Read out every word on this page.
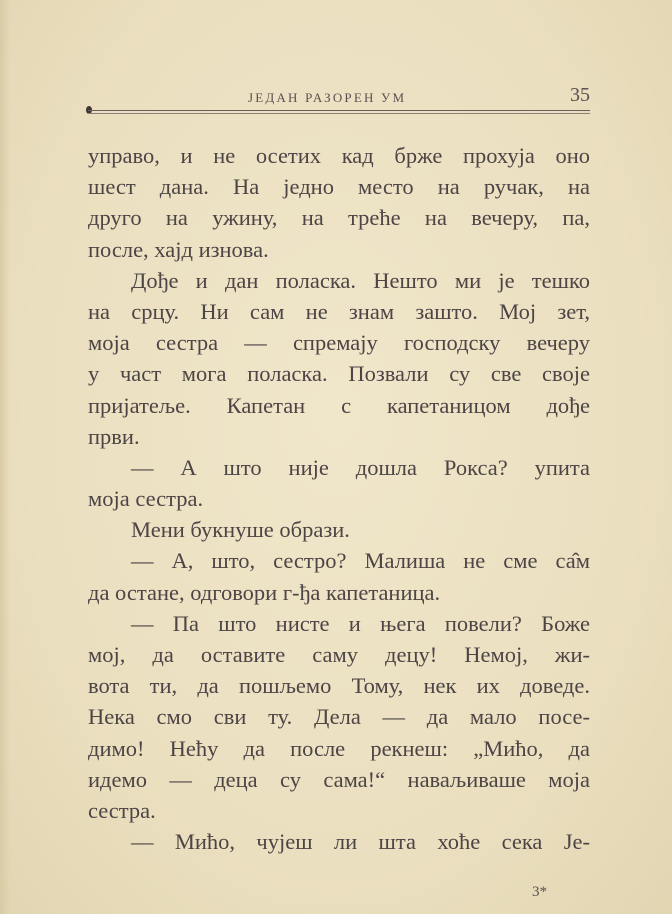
ЈЕДАН РАЗОРЕН УМ	35
управо, и не осетих кад брже прохуја оно
шест дана. На једно место на ручак, на
друго на ужину, на треће на вечеру, па,
после, хајд изнова.
Дође и дан поласка. Нешто ми је тешко
на срцу. Ни сам не знам зашто. Мој зет,
моја сестра — спремају господску вечеру
у част мога поласка. Позвали су све своје
пријатеље. Капетан с капетаницом дође
први.
— А што није дошла Рокса? упита
моја сестра.
Мени букнуше образи.
— А, што, сестро? Малиша не сме са̂м
да остане, одговори г-ђа капетаница.
— Па што нисте и њега повели? Боже
мој, да оставите саму децу! Немој, жи-
вота ти, да пошљемо Тому, нек их доведе.
Нека смо сви ту. Дела — да мало посе-
димо! Нећу да после рекнеш: „Мићо, да
идемо — деца су сама!“ наваљиваше моја
сестра.
— Мићо, чујеш ли шта хоће сека Је-
3*
